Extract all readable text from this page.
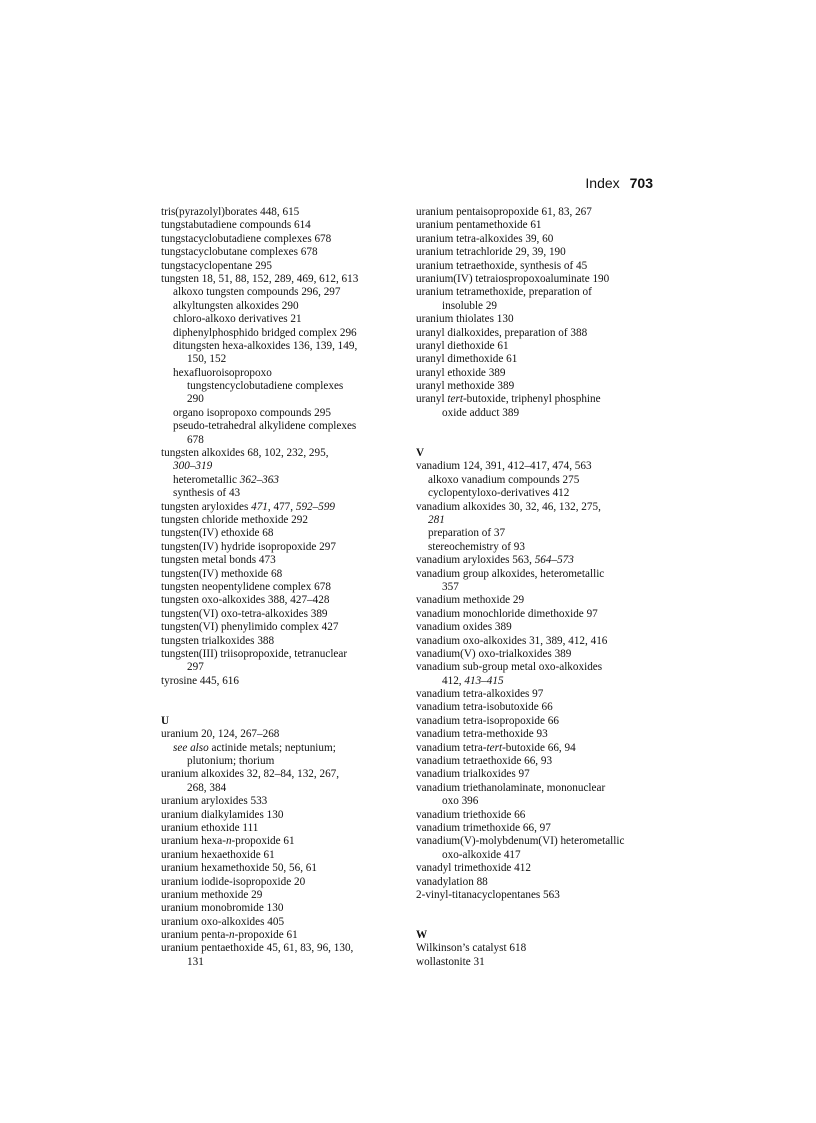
Index 703
tris(pyrazolyl)borates 448, 615
tungstabutadiene compounds 614
tungstacyclobutadiene complexes 678
tungstacyclobutane complexes 678
tungstacyclopentane 295
tungsten 18, 51, 88, 152, 289, 469, 612, 613
alkoxo tungsten compounds 296, 297
alkyltungsten alkoxides 290
chloro-alkoxo derivatives 21
diphenylphosphido bridged complex 296
ditungsten hexa-alkoxides 136, 139, 149,
150, 152
hexafluoroisopropoxo
tungstencyclobutadiene complexes
290
organo isopropoxo compounds 295
pseudo-tetrahedral alkylidene complexes
678
tungsten alkoxides 68, 102, 232, 295,
300–319
heterometallic 362–363
synthesis of 43
tungsten aryloxides 471, 477, 592–599
tungsten chloride methoxide 292
tungsten(IV) ethoxide 68
tungsten(IV) hydride isopropoxide 297
tungsten metal bonds 473
tungsten(IV) methoxide 68
tungsten neopentylidene complex 678
tungsten oxo-alkoxides 388, 427–428
tungsten(VI) oxo-tetra-alkoxides 389
tungsten(VI) phenylimido complex 427
tungsten trialkoxides 388
tungsten(III) triisopropoxide, tetranuclear
297
tyrosine 445, 616
U
uranium 20, 124, 267–268
see also actinide metals; neptunium;
plutonium; thorium
uranium alkoxides 32, 82–84, 132, 267,
268, 384
uranium aryloxides 533
uranium dialkylamides 130
uranium ethoxide 111
uranium hexa-n-propoxide 61
uranium hexaethoxide 61
uranium hexamethoxide 50, 56, 61
uranium iodide-isopropoxide 20
uranium methoxide 29
uranium monobromide 130
uranium oxo-alkoxides 405
uranium penta-n-propoxide 61
uranium pentaethoxide 45, 61, 83, 96, 130,
131
uranium pentaisopropoxide 61, 83, 267
uranium pentamethoxide 61
uranium tetra-alkoxides 39, 60
uranium tetrachloride 29, 39, 190
uranium tetraethoxide, synthesis of 45
uranium(IV) tetraiospropoxoaluminate 190
uranium tetramethoxide, preparation of
insoluble 29
uranium thiolates 130
uranyl dialkoxides, preparation of 388
uranyl diethoxide 61
uranyl dimethoxide 61
uranyl ethoxide 389
uranyl methoxide 389
uranyl tert-butoxide, triphenyl phosphine
oxide adduct 389
V
vanadium 124, 391, 412–417, 474, 563
alkoxo vanadium compounds 275
cyclopentyloxo-derivatives 412
vanadium alkoxides 30, 32, 46, 132, 275,
281
preparation of 37
stereochemistry of 93
vanadium aryloxides 563, 564–573
vanadium group alkoxides, heterometallic
357
vanadium methoxide 29
vanadium monochloride dimethoxide 97
vanadium oxides 389
vanadium oxo-alkoxides 31, 389, 412, 416
vanadium(V) oxo-trialkoxides 389
vanadium sub-group metal oxo-alkoxides
412, 413–415
vanadium tetra-alkoxides 97
vanadium tetra-isobutoxide 66
vanadium tetra-isopropoxide 66
vanadium tetra-methoxide 93
vanadium tetra-tert-butoxide 66, 94
vanadium tetraethoxide 66, 93
vanadium trialkoxides 97
vanadium triethanolaminate, mononuclear
oxo 396
vanadium triethoxide 66
vanadium trimethoxide 66, 97
vanadium(V)-molybdenum(VI) heterometallic
oxo-alkoxide 417
vanadyl trimethoxide 412
vanadylation 88
2-vinyl-titanacyclopentanes 563
W
Wilkinson’s catalyst 618
wollastonite 31
